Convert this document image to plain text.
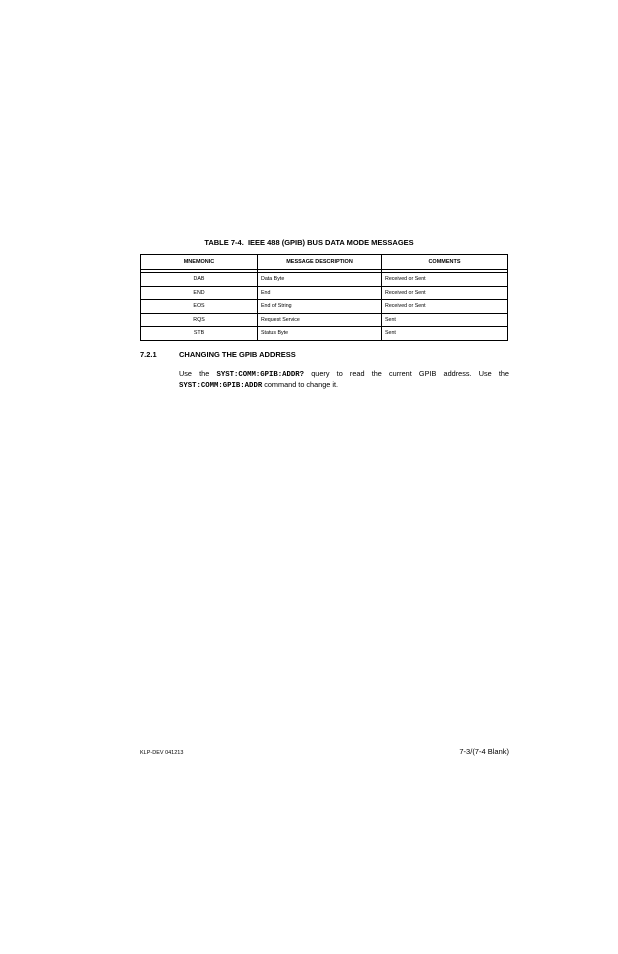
TABLE 7-4.  IEEE 488 (GPIB) BUS DATA MODE MESSAGES
MNEMONIC	MESSAGE DESCRIPTION	COMMENTS

DAB	Data Byte	Received or Sent
END	End	Received or Sent
EOS	End of String	Received or Sent
RQS	Request Service	Sent
STB	Status Byte	Sent
7.2.1	CHANGING THE GPIB ADDRESS
Use the SYST:COMM:GPIB:ADDR? query to read the current GPIB address. Use the SYST:COMM:GPIB:ADDR command to change it.
KLP-DEV 041213	7-3/(7-4 Blank)
